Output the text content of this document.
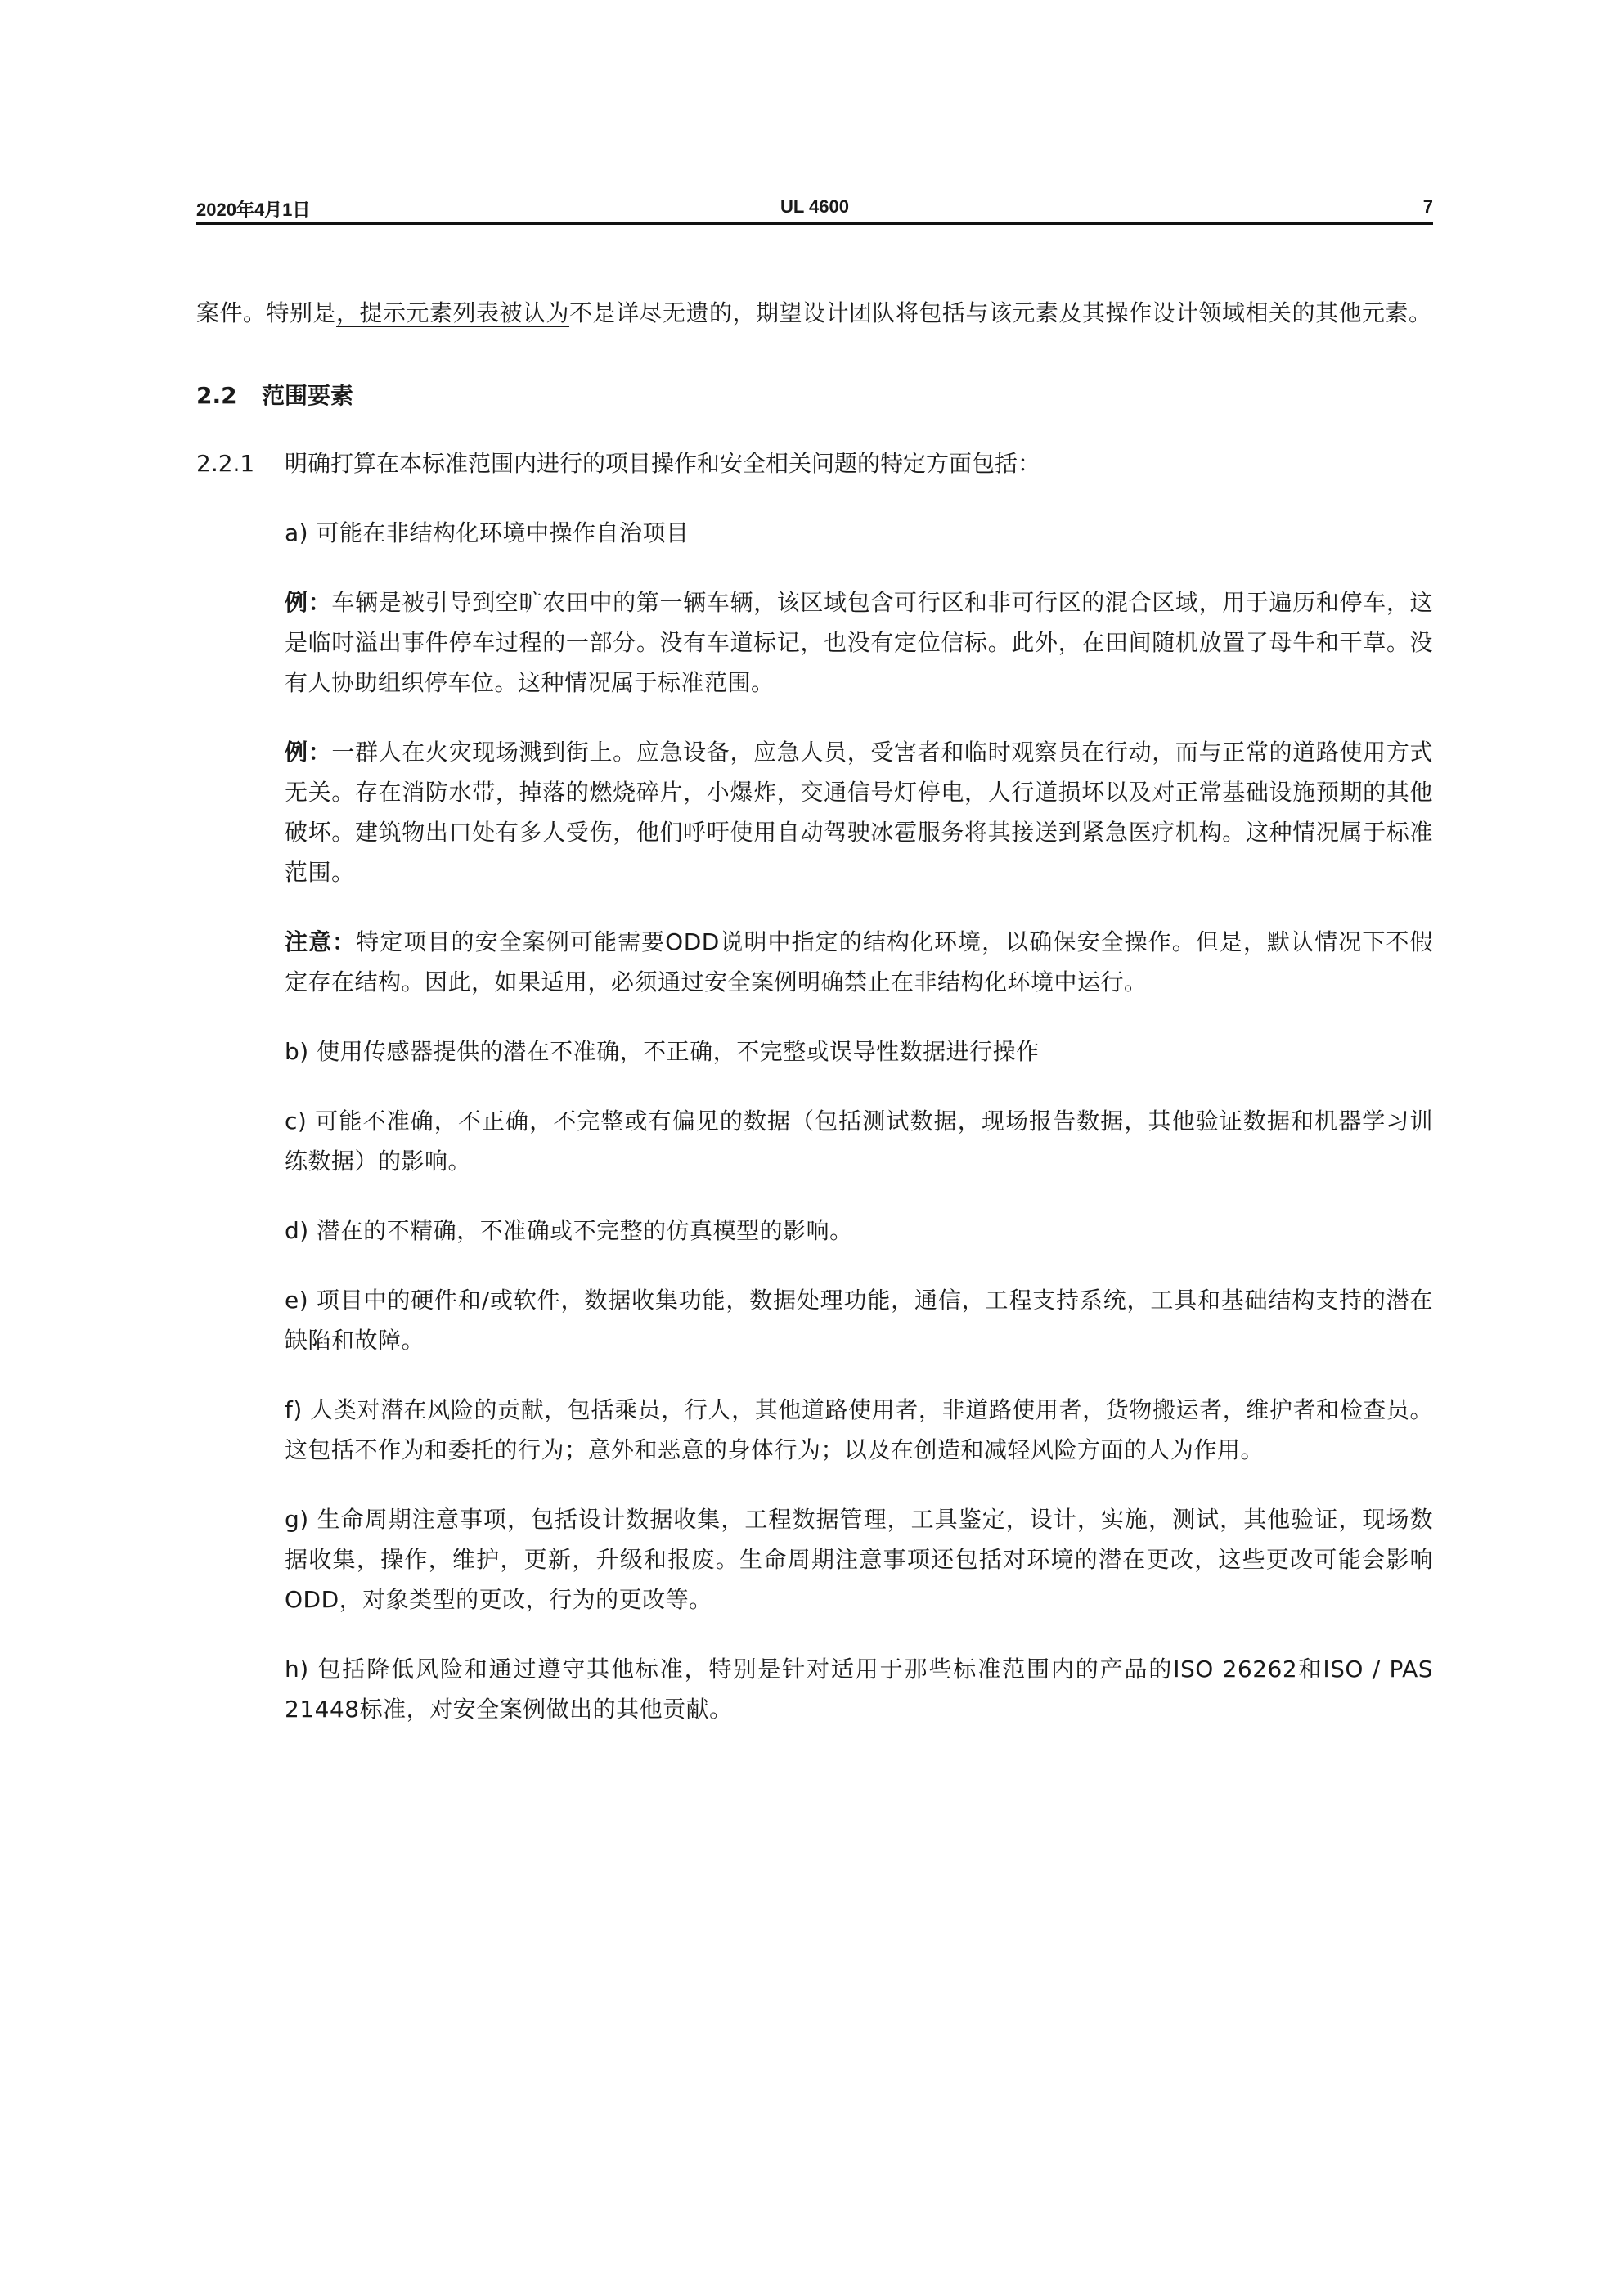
2020年4月1日	UL 4600	7

案件。特别是，提示元素列表被认为不是详尽无遗的，期望设计团队将包括与该元素及其操作设计领域相关的其他元素。

2.2 范围要素
2.2.1 明确打算在本标准范围内进行的项目操作和安全相关问题的特定方面包括：

a) 可能在非结构化环境中操作自治项目

例：车辆是被引导到空旷农田中的第一辆车辆，该区域包含可行区和非可行区的混合区域，用于遍历和停车，这是临时溢出事件停车过程的一部分。没有车道标记，也没有定位信标。此外，在田间随机放置了母牛和干草。没有人协助组织停车位。这种情况属于标准范围。

例：一群人在火灾现场溅到街上。应急设备，应急人员，受害者和临时观察员在行动，而与正常的道路使用方式无关。存在消防水带，掉落的燃烧碎片，小爆炸，交通信号灯停电，人行道损坏以及对正常基础设施预期的其他破坏。建筑物出口处有多人受伤，他们呼吁使用自动驾驶冰雹服务将其接送到紧急医疗机构。这种情况属于标准范围。

注意：特定项目的安全案例可能需要ODD说明中指定的结构化环境，以确保安全操作。但是，默认情况下不假定存在结构。因此，如果适用，必须通过安全案例明确禁止在非结构化环境中运行。

b) 使用传感器提供的潜在不准确，不正确，不完整或误导性数据进行操作

c) 可能不准确，不正确，不完整或有偏见的数据（包括测试数据，现场报告数据，其他验证数据和机器学习训练数据）的影响。

d) 潜在的不精确，不准确或不完整的仿真模型的影响。

e) 项目中的硬件和/或软件，数据收集功能，数据处理功能，通信，工程支持系统，工具和基础结构支持的潜在缺陷和故障。

f) 人类对潜在风险的贡献，包括乘员，行人，其他道路使用者，非道路使用者，货物搬运者，维护者和检查员。这包括不作为和委托的行为；意外和恶意的身体行为；以及在创造和减轻风险方面的人为作用。

g) 生命周期注意事项，包括设计数据收集，工程数据管理，工具鉴定，设计，实施，测试，其他验证，现场数据收集，操作，维护，更新，升级和报废。生命周期注意事项还包括对环境的潜在更改，这些更改可能会影响ODD，对象类型的更改，行为的更改等。

h) 包括降低风险和通过遵守其他标准，特别是针对适用于那些标准范围内的产品的ISO 26262和ISO / PAS 21448标准，对安全案例做出的其他贡献。
